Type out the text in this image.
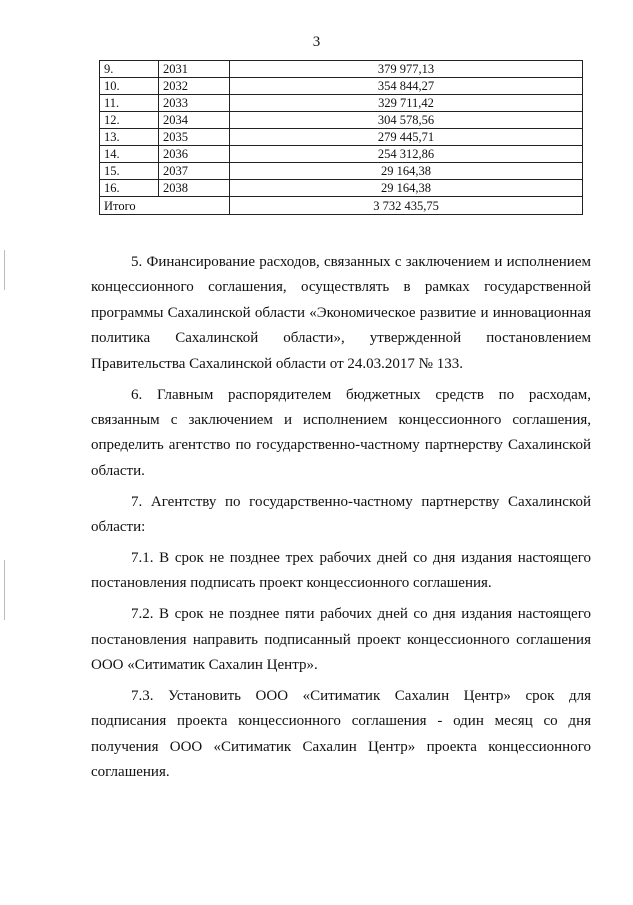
3
9.	2031	379 977,13
10.	2032	354 844,27
11.	2033	329 711,42
12.	2034	304 578,56
13.	2035	279 445,71
14.	2036	254 312,86
15.	2037	29 164,38
16.	2038	29 164,38
Итого		3 732 435,75

5. Финансирование расходов, связанных с заключением и исполнением концессионного соглашения, осуществлять в рамках государственной программы Сахалинской области «Экономическое развитие и инновационная политика Сахалинской области», утвержденной постановлением Правительства Сахалинской области от 24.03.2017 № 133.

6. Главным распорядителем бюджетных средств по расходам, связанным с заключением и исполнением концессионного соглашения, определить агентство по государственно-частному партнерству Сахалинской области.

7. Агентству по государственно-частному партнерству Сахалинской области:

7.1. В срок не позднее трех рабочих дней со дня издания настоящего постановления подписать проект концессионного соглашения.

7.2. В срок не позднее пяти рабочих дней со дня издания настоящего постановления направить подписанный проект концессионного соглашения ООО «Ситиматик Сахалин Центр».

7.3. Установить ООО «Ситиматик Сахалин Центр» срок для подписания проекта концессионного соглашения - один месяц со дня получения ООО «Ситиматик Сахалин Центр» проекта концессионного соглашения.
